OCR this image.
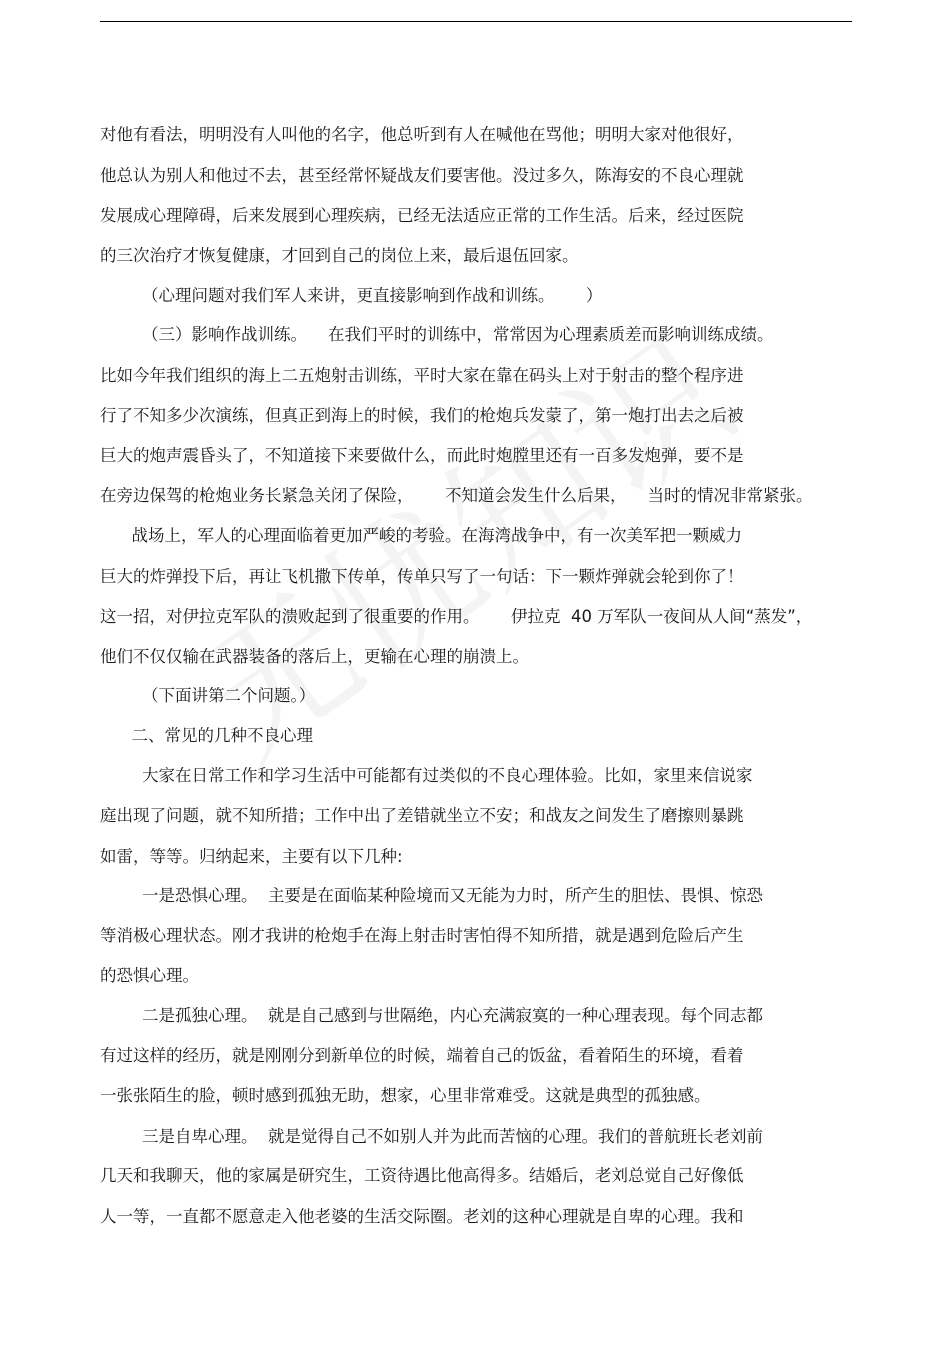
对他有看法，明明没有人叫他的名字，他总听到有人在喊他在骂他；明明大家对他很好，
他总认为别人和他过不去，甚至经常怀疑战友们要害他。没过多久，陈海安的不良心理就
发展成心理障碍，后来发展到心理疾病，已经无法适应正常的工作生活。后来，经过医院
的三次治疗才恢复健康，才回到自己的岗位上来，最后退伍回家。
（心理问题对我们军人来讲，更直接影响到作战和训练。      ）
（三）影响作战训练。    在我们平时的训练中，常常因为心理素质差而影响训练成绩。
比如今年我们组织的海上二五炮射击训练，平时大家在靠在码头上对于射击的整个程序进
行了不知多少次演练，但真正到海上的时候，我们的枪炮兵发蒙了，第一炮打出去之后被
巨大的炮声震昏头了，不知道接下来要做什么，而此时炮膛里还有一百多发炮弹，要不是
在旁边保驾的枪炮业务长紧急关闭了保险，      不知道会发生什么后果，    当时的情况非常紧张。
战场上，军人的心理面临着更加严峻的考验。在海湾战争中，有一次美军把一颗威力
巨大的炸弹投下后，再让飞机撒下传单，传单只写了一句话：下一颗炸弹就会轮到你了！
这一招，对伊拉克军队的溃败起到了很重要的作用。      伊拉克  40 万军队一夜间从人间“蒸发”，
他们不仅仅输在武器装备的落后上，更输在心理的崩溃上。
（下面讲第二个问题。）
二、常见的几种不良心理
大家在日常工作和学习生活中可能都有过类似的不良心理体验。比如，家里来信说家
庭出现了问题，就不知所措；工作中出了差错就坐立不安；和战友之间发生了磨擦则暴跳
如雷，等等。归纳起来，主要有以下几种:
一是恐惧心理。  主要是在面临某种险境而又无能为力时，所产生的胆怯、畏惧、惊恐
等消极心理状态。刚才我讲的枪炮手在海上射击时害怕得不知所措，就是遇到危险后产生
的恐惧心理。
二是孤独心理。  就是自己感到与世隔绝，内心充满寂寞的一种心理表现。每个同志都
有过这样的经历，就是刚刚分到新单位的时候，端着自己的饭盆，看着陌生的环境，看着
一张张陌生的脸，顿时感到孤独无助，想家，心里非常难受。这就是典型的孤独感。
三是自卑心理。  就是觉得自己不如别人并为此而苦恼的心理。我们的普航班长老刘前
几天和我聊天，他的家属是研究生，工资待遇比他高得多。结婚后，老刘总觉自己好像低
人一等，一直都不愿意走入他老婆的生活交际圈。老刘的这种心理就是自卑的心理。我和
